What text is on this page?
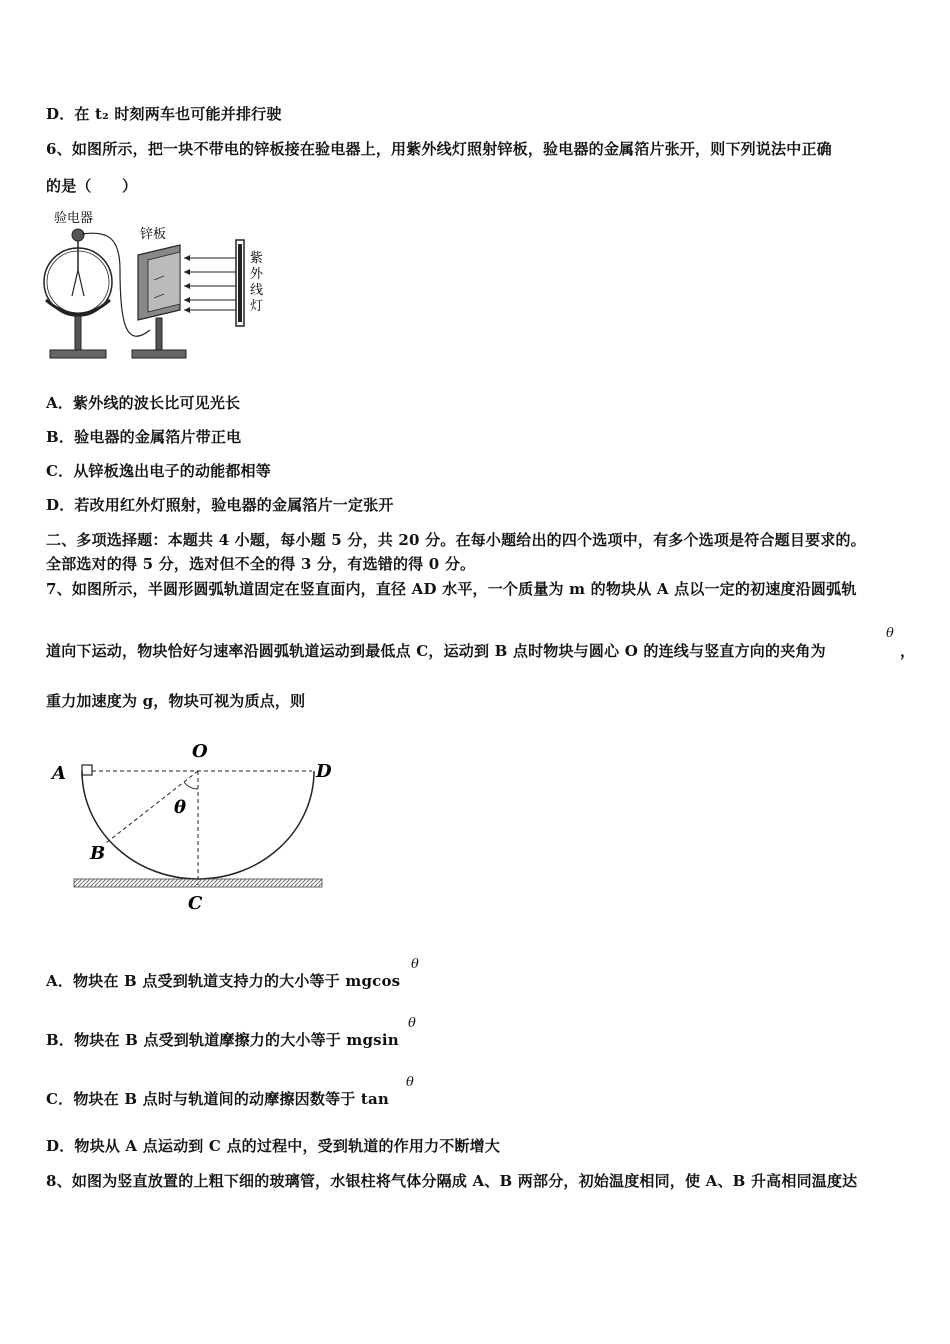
D．在 t₂ 时刻两车也可能并排行驶
6、如图所示，把一块不带电的锌板接在验电器上，用紫外线灯照射锌板，验电器的金属箔片张开，则下列说法中正确
的是（　　）
验电器
锌板
紫
外
线
灯
A．紫外线的波长比可见光长
B．验电器的金属箔片带正电
C．从锌板逸出电子的动能都相等
D．若改用红外灯照射，验电器的金属箔片一定张开
二、多项选择题：本题共 4 小题，每小题 5 分，共 20 分。在每小题给出的四个选项中，有多个选项是符合题目要求的。
全部选对的得 5 分，选对但不全的得 3 分，有选错的得 0 分。
7、如图所示，半圆形圆弧轨道固定在竖直面内，直径 AD 水平，一个质量为 m 的物块从 A 点以一定的初速度沿圆弧轨
道向下运动，物块恰好匀速率沿圆弧轨道运动到最低点 C，运动到 B 点时物块与圆心 O 的连线与竖直方向的夹角为
θ
，
重力加速度为 g，物块可视为质点，则
A
O
D
θ
B
C
A．物块在 B 点受到轨道支持力的大小等于 mgcos
θ
B．物块在 B 点受到轨道摩擦力的大小等于 mgsin
θ
C．物块在 B 点时与轨道间的动摩擦因数等于 tan
θ
D．物块从 A 点运动到 C 点的过程中，受到轨道的作用力不断增大
8、如图为竖直放置的上粗下细的玻璃管，水银柱将气体分隔成 A、B 两部分，初始温度相同，使 A、B 升高相同温度达
